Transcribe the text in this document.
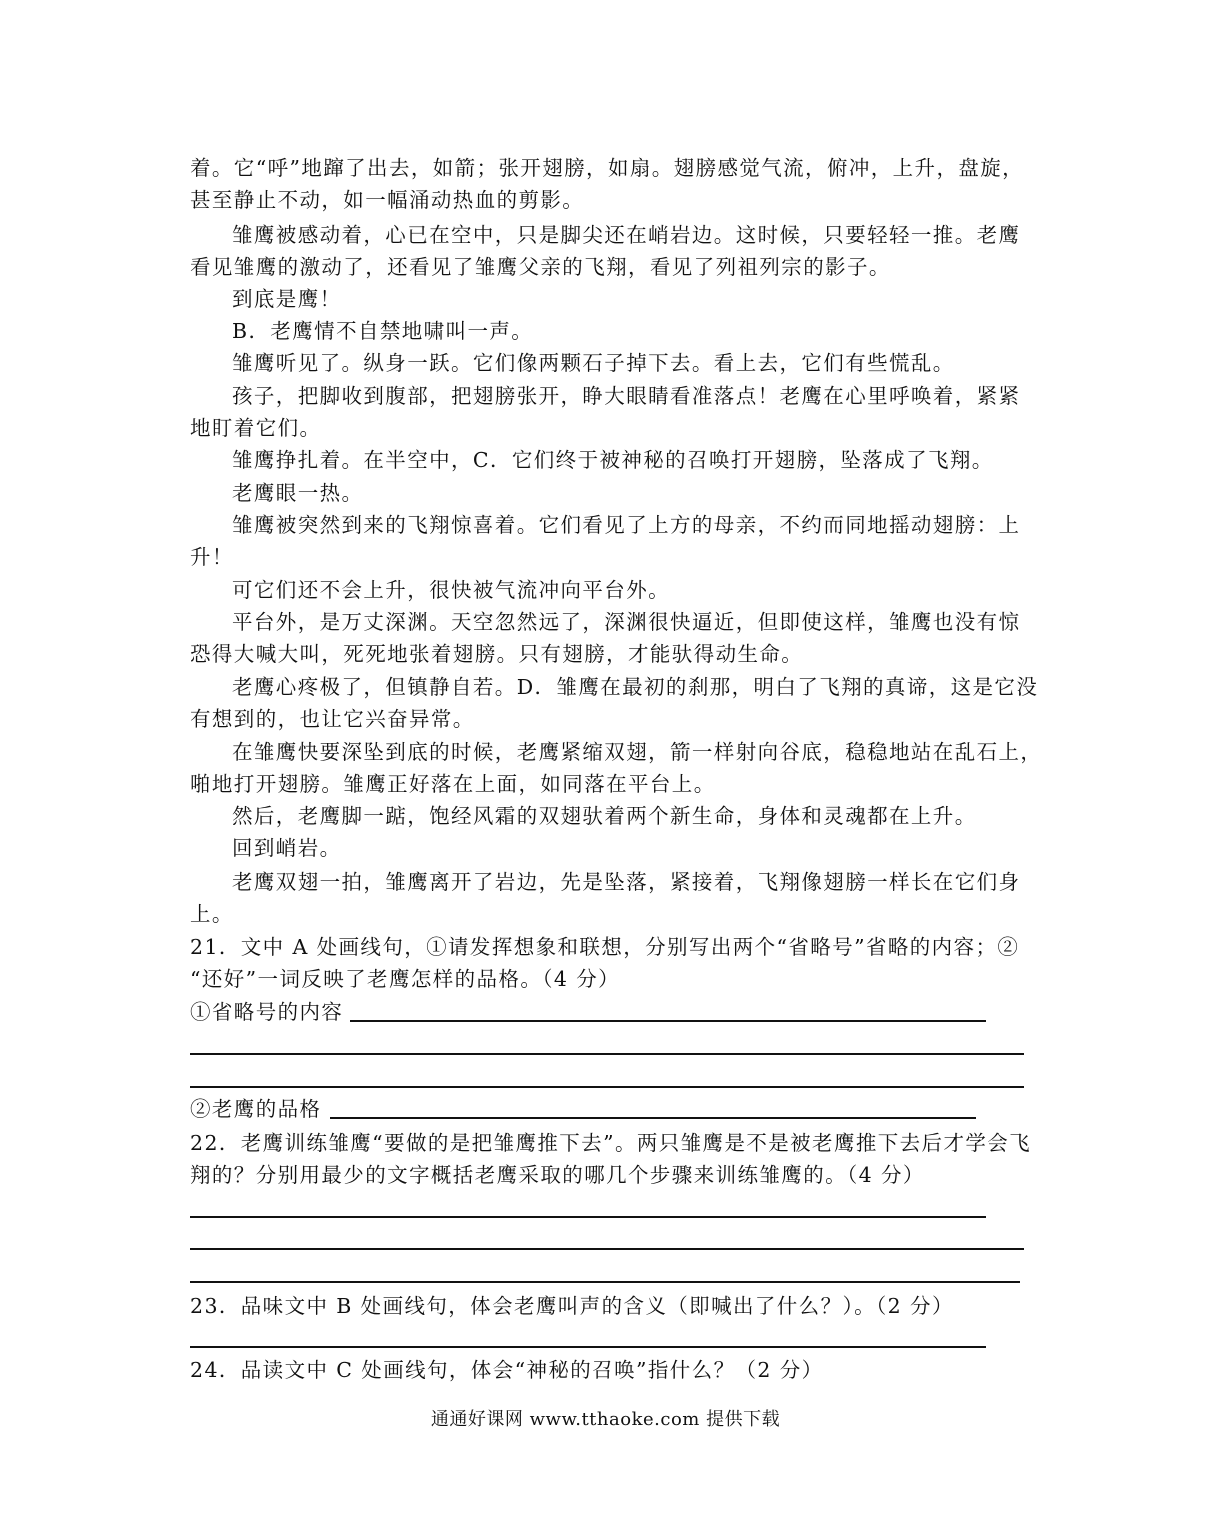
着。它“呼”地蹿了出去，如箭；张开翅膀，如扇。翅膀感觉气流，俯冲，上升，盘旋，
甚至静止不动，如一幅涌动热血的剪影。
雏鹰被感动着，心已在空中，只是脚尖还在峭岩边。这时候，只要轻轻一推。老鹰
看见雏鹰的激动了，还看见了雏鹰父亲的飞翔，看见了列祖列宗的影子。
到底是鹰！
B．老鹰情不自禁地啸叫一声。
雏鹰听见了。纵身一跃。它们像两颗石子掉下去。看上去，它们有些慌乱。
孩子，把脚收到腹部，把翅膀张开，睁大眼睛看准落点！老鹰在心里呼唤着，紧紧
地盯着它们。
雏鹰挣扎着。在半空中，C．它们终于被神秘的召唤打开翅膀，坠落成了飞翔。
老鹰眼一热。
雏鹰被突然到来的飞翔惊喜着。它们看见了上方的母亲，不约而同地摇动翅膀：上
升！
可它们还不会上升，很快被气流冲向平台外。
平台外，是万丈深渊。天空忽然远了，深渊很快逼近，但即使这样，雏鹰也没有惊
恐得大喊大叫，死死地张着翅膀。只有翅膀，才能驮得动生命。
老鹰心疼极了，但镇静自若。D．雏鹰在最初的刹那，明白了飞翔的真谛，这是它没
有想到的，也让它兴奋异常。
在雏鹰快要深坠到底的时候，老鹰紧缩双翅，箭一样射向谷底，稳稳地站在乱石上，
啪地打开翅膀。雏鹰正好落在上面，如同落在平台上。
然后，老鹰脚一踮，饱经风霜的双翅驮着两个新生命，身体和灵魂都在上升。
回到峭岩。
老鹰双翅一拍，雏鹰离开了岩边，先是坠落，紧接着，飞翔像翅膀一样长在它们身
上。
21．文中 A 处画线句，①请发挥想象和联想，分别写出两个“省略号”省略的内容；②
“还好”一词反映了老鹰怎样的品格。（4 分）
①省略号的内容
②老鹰的品格
22．老鹰训练雏鹰“要做的是把雏鹰推下去”。两只雏鹰是不是被老鹰推下去后才学会飞
翔的？分别用最少的文字概括老鹰采取的哪几个步骤来训练雏鹰的。（4 分）
23．品味文中 B 处画线句，体会老鹰叫声的含义（即喊出了什么？）。（2 分）
24．品读文中 C 处画线句，体会“神秘的召唤”指什么？（2 分）
通通好课网 www.tthaoke.com 提供下载
